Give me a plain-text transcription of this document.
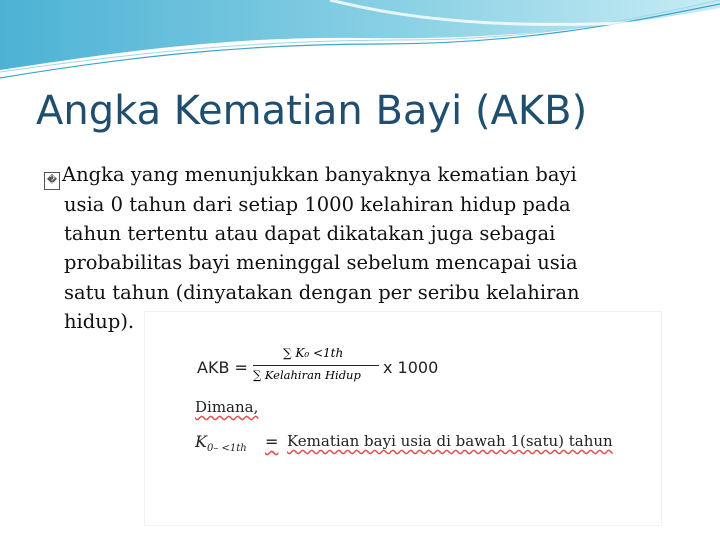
Angka Kematian Bayi (AKB)
� Angka yang menunjukkan banyaknya kematian bayi
usia 0 tahun dari setiap 1000 kelahiran hidup pada
tahun tertentu atau dapat dikatakan juga sebagai
probabilitas bayi meninggal sebelum mencapai usia
satu tahun (dinyatakan dengan per seribu kelahiran
hidup).
AKB =
∑ K₀ <1th
∑ Kelahiran Hidup x 1000
Dimana,
$K_{0- <1th}$ = Kematian bayi usia di bawah 1(satu) tahun
